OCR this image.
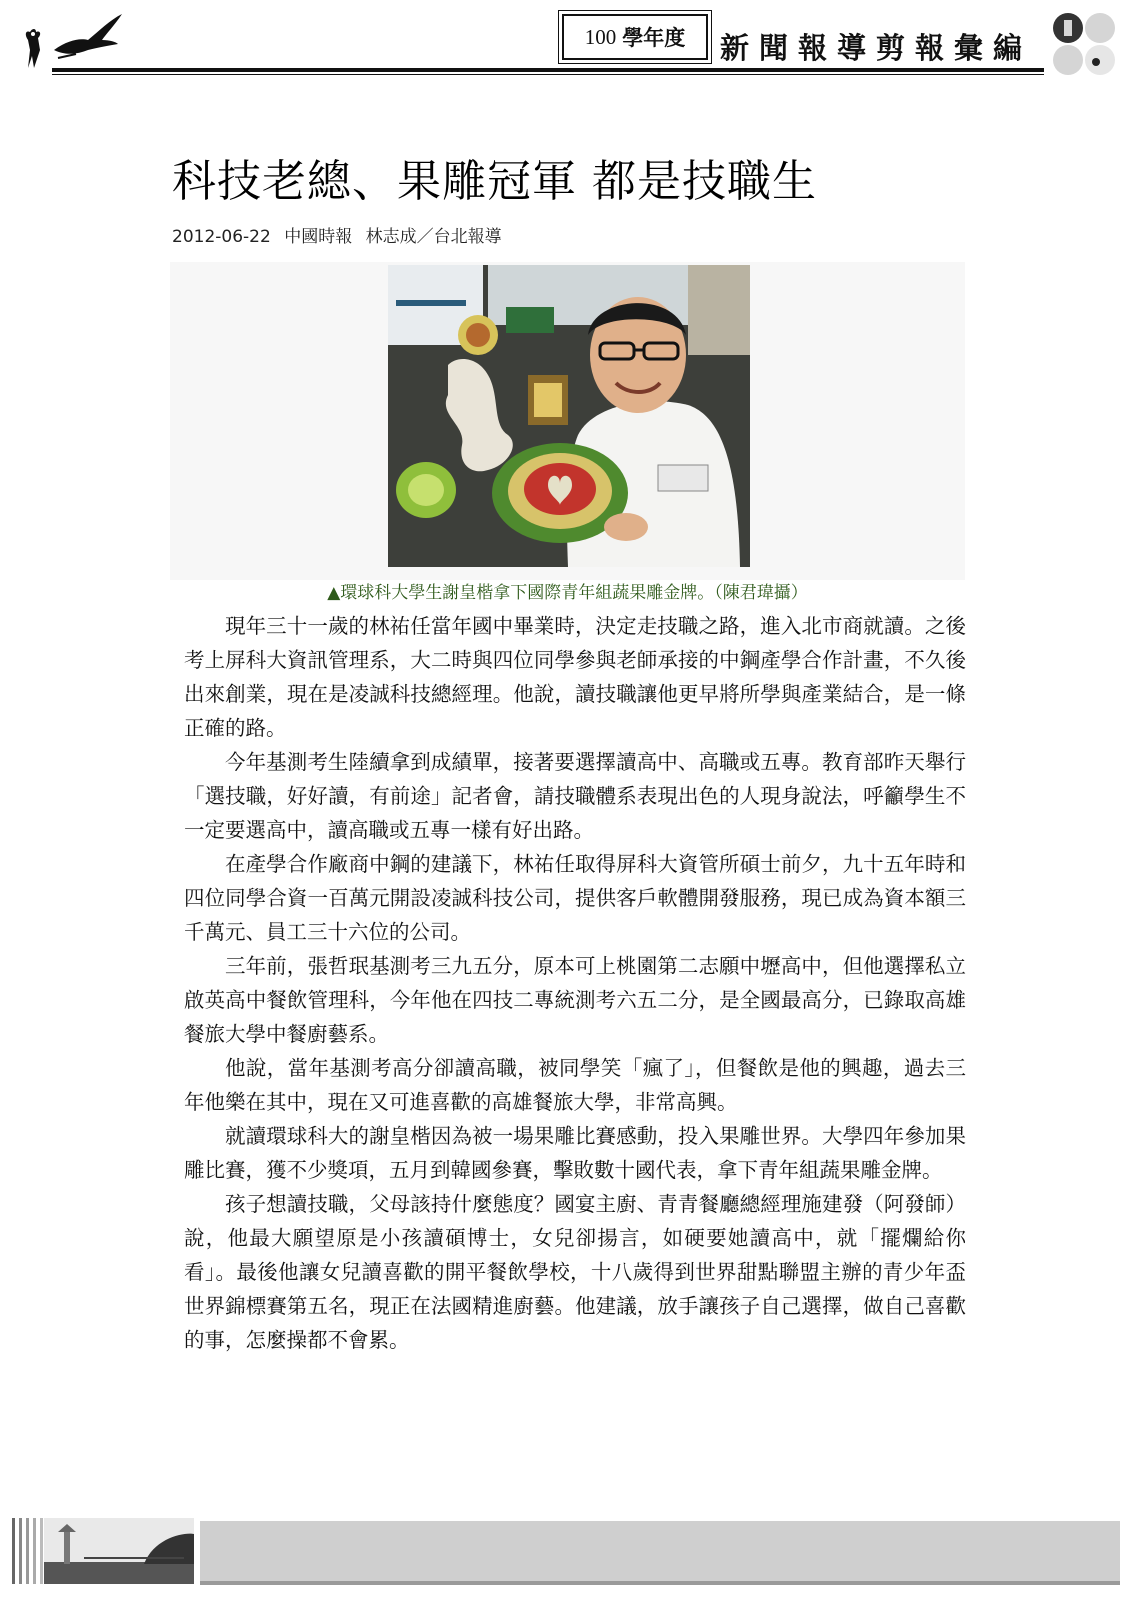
100 學年度 新聞報導剪報彙編
科技老總、果雕冠軍 都是技職生
2012-06-22 中國時報 林志成／台北報導
▲環球科大學生謝皇楷拿下國際青年組蔬果雕金牌。（陳君瑋攝）

現年三十一歲的林祐任當年國中畢業時，決定走技職之路，進入北市商就讀。之後考上屏科大資訊管理系，大二時與四位同學參與老師承接的中鋼產學合作計畫，不久後出來創業，現在是凌誠科技總經理。他說，讀技職讓他更早將所學與產業結合，是一條正確的路。

今年基測考生陸續拿到成績單，接著要選擇讀高中、高職或五專。教育部昨天舉行「選技職，好好讀，有前途」記者會，請技職體系表現出色的人現身說法，呼籲學生不一定要選高中，讀高職或五專一樣有好出路。

在產學合作廠商中鋼的建議下，林祐任取得屏科大資管所碩士前夕，九十五年時和四位同學合資一百萬元開設凌誠科技公司，提供客戶軟體開發服務，現已成為資本額三千萬元、員工三十六位的公司。

三年前，張哲珉基測考三九五分，原本可上桃園第二志願中壢高中，但他選擇私立啟英高中餐飲管理科，今年他在四技二專統測考六五二分，是全國最高分，已錄取高雄餐旅大學中餐廚藝系。

他說，當年基測考高分卻讀高職，被同學笑「瘋了」，但餐飲是他的興趣，過去三年他樂在其中，現在又可進喜歡的高雄餐旅大學，非常高興。

就讀環球科大的謝皇楷因為被一場果雕比賽感動，投入果雕世界。大學四年參加果雕比賽，獲不少獎項，五月到韓國參賽，擊敗數十國代表，拿下青年組蔬果雕金牌。

孩子想讀技職，父母該持什麼態度？國宴主廚、青青餐廳總經理施建發（阿發師）說，他最大願望原是小孩讀碩博士，女兒卻揚言，如硬要她讀高中，就「擺爛給你看」。最後他讓女兒讀喜歡的開平餐飲學校，十八歲得到世界甜點聯盟主辦的青少年盃世界錦標賽第五名，現正在法國精進廚藝。他建議，放手讓孩子自己選擇，做自己喜歡的事，怎麼操都不會累。
